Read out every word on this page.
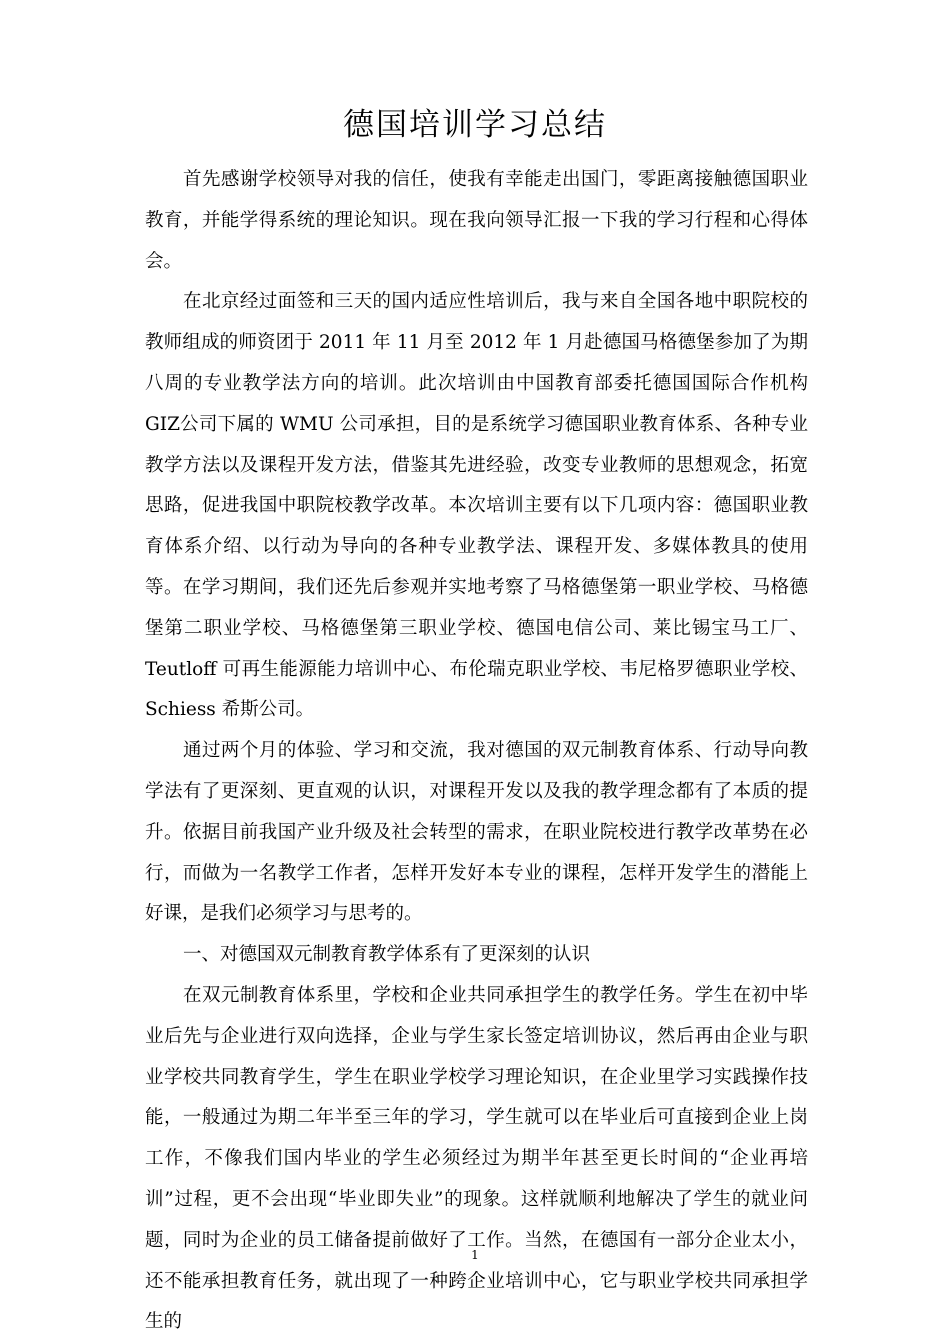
德国培训学习总结

首先感谢学校领导对我的信任，使我有幸能走出国门，零距离接触德国职业教育，并能学得系统的理论知识。现在我向领导汇报一下我的学习行程和心得体会。

在北京经过面签和三天的国内适应性培训后，我与来自全国各地中职院校的教师组成的师资团于 2011 年 11 月至 2012 年 1 月赴德国马格德堡参加了为期八周的专业教学法方向的培训。此次培训由中国教育部委托德国国际合作机构GIZ公司下属的 WMU 公司承担，目的是系统学习德国职业教育体系、各种专业教学方法以及课程开发方法，借鉴其先进经验，改变专业教师的思想观念，拓宽思路，促进我国中职院校教学改革。本次培训主要有以下几项内容：德国职业教育体系介绍、以行动为导向的各种专业教学法、课程开发、多媒体教具的使用等。在学习期间，我们还先后参观并实地考察了马格德堡第一职业学校、马格德堡第二职业学校、马格德堡第三职业学校、德国电信公司、莱比锡宝马工厂、 Teutloff 可再生能源能力培训中心、布伦瑞克职业学校、韦尼格罗德职业学校、Schiess 希斯公司。

通过两个月的体验、学习和交流，我对德国的双元制教育体系、行动导向教学法有了更深刻、更直观的认识，对课程开发以及我的教学理念都有了本质的提升。依据目前我国产业升级及社会转型的需求，在职业院校进行教学改革势在必行，而做为一名教学工作者，怎样开发好本专业的课程，怎样开发学生的潜能上好课，是我们必须学习与思考的。

一、对德国双元制教育教学体系有了更深刻的认识

在双元制教育体系里，学校和企业共同承担学生的教学任务。学生在初中毕业后先与企业进行双向选择，企业与学生家长签定培训协议，然后再由企业与职业学校共同教育学生，学生在职业学校学习理论知识，在企业里学习实践操作技能，一般通过为期二年半至三年的学习，学生就可以在毕业后可直接到企业上岗工作，不像我们国内毕业的学生必须经过为期半年甚至更长时间的“企业再培训”过程，更不会出现“毕业即失业”的现象。这样就顺利地解决了学生的就业问题，同时为企业的员工储备提前做好了工作。当然，在德国有一部分企业太小，还不能承担教育任务，就出现了一种跨企业培训中心，它与职业学校共同承担学生的

1
